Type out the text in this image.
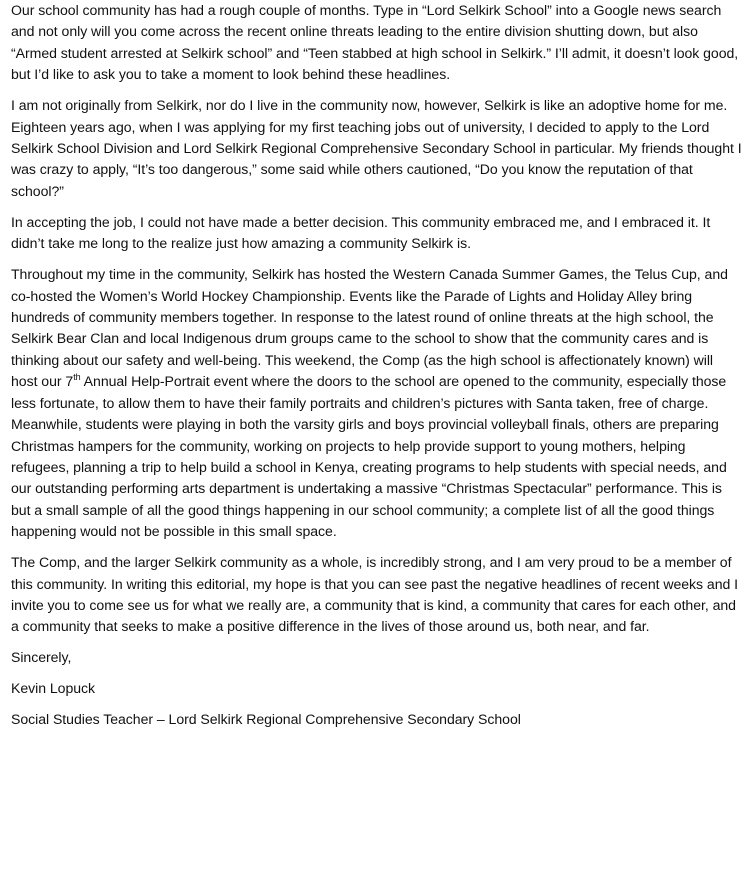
Our school community has had a rough couple of months. Type in “Lord Selkirk School” into a Google news search and not only will you come across the recent online threats leading to the entire division shutting down, but also “Armed student arrested at Selkirk school” and “Teen stabbed at high school in Selkirk.” I’ll admit, it doesn’t look good, but I’d like to ask you to take a moment to look behind these headlines.

I am not originally from Selkirk, nor do I live in the community now, however, Selkirk is like an adoptive home for me. Eighteen years ago, when I was applying for my first teaching jobs out of university, I decided to apply to the Lord Selkirk School Division and Lord Selkirk Regional Comprehensive Secondary School in particular. My friends thought I was crazy to apply, “It’s too dangerous,” some said while others cautioned, “Do you know the reputation of that school?”

In accepting the job, I could not have made a better decision. This community embraced me, and I embraced it. It didn’t take me long to the realize just how amazing a community Selkirk is.

Throughout my time in the community, Selkirk has hosted the Western Canada Summer Games, the Telus Cup, and co-hosted the Women’s World Hockey Championship. Events like the Parade of Lights and Holiday Alley bring hundreds of community members together. In response to the latest round of online threats at the high school, the Selkirk Bear Clan and local Indigenous drum groups came to the school to show that the community cares and is thinking about our safety and well-being. This weekend, the Comp (as the high school is affectionately known) will host our 7th Annual Help-Portrait event where the doors to the school are opened to the community, especially those less fortunate, to allow them to have their family portraits and children’s pictures with Santa taken, free of charge. Meanwhile, students were playing in both the varsity girls and boys provincial volleyball finals, others are preparing Christmas hampers for the community, working on projects to help provide support to young mothers, helping refugees, planning a trip to help build a school in Kenya, creating programs to help students with special needs, and our outstanding performing arts department is undertaking a massive “Christmas Spectacular” performance. This is but a small sample of all the good things happening in our school community; a complete list of all the good things happening would not be possible in this small space.

The Comp, and the larger Selkirk community as a whole, is incredibly strong, and I am very proud to be a member of this community. In writing this editorial, my hope is that you can see past the negative headlines of recent weeks and I invite you to come see us for what we really are, a community that is kind, a community that cares for each other, and a community that seeks to make a positive difference in the lives of those around us, both near, and far.

Sincerely,

Kevin Lopuck

Social Studies Teacher – Lord Selkirk Regional Comprehensive Secondary School
